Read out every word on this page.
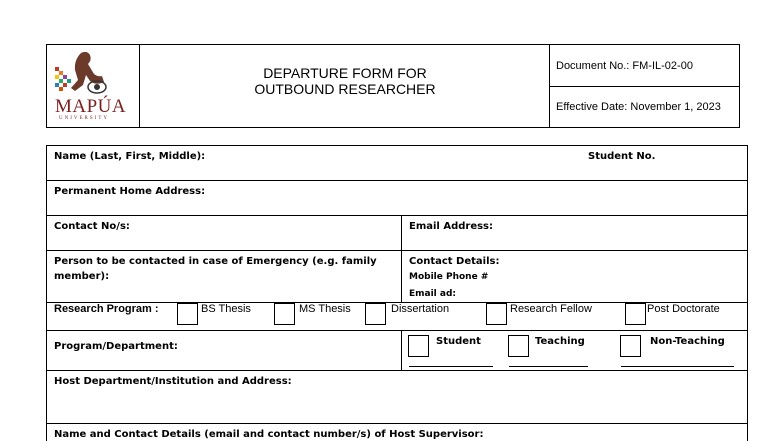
MAPÚA
UNIVERSITY
DEPARTURE FORM FOR
OUTBOUND RESEARCHER
Document No.: FM-IL-02-00
Effective Date: November 1, 2023
Name (Last, First, Middle):	Student No.
Permanent Home Address:
Contact No/s:	Email Address:
Person to be contacted in case of Emergency (e.g. family member):
Contact Details:
Mobile Phone #
Email ad:
Research Program :	BS Thesis	MS Thesis	Dissertation	Research Fellow	Post Doctorate
Program/Department:	Student	Teaching	Non-Teaching
Host Department/Institution and Address:
Name and Contact Details (email and contact number/s) of Host Supervisor:
